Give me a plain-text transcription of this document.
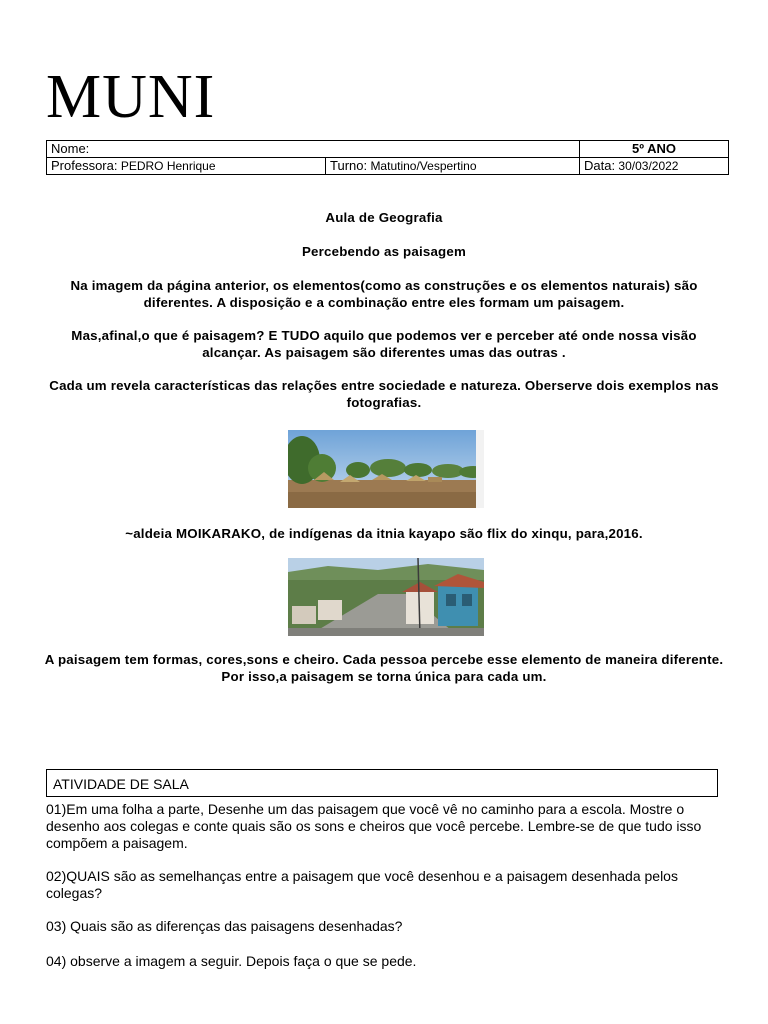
MUNI
Nome:		5º ANO
Professora: PEDRO Henrique	Turno: Matutino/Vespertino	Data: 30/03/2022
Aula de Geografia
Percebendo as paisagem
Na imagem da página anterior, os elementos(como as construções e os elementos naturais) são diferentes. A disposição e a combinação entre eles formam um paisagem.
Mas,afinal,o que é paisagem? E TUDO aquilo que podemos ver e perceber até onde nossa visão alcançar. As paisagem são diferentes umas das outras .
Cada um revela características das relações entre sociedade e natureza. Oberserve dois exemplos nas fotografias.
~aldeia MOIKARAKO, de indígenas da itnia kayapo são flix do xinqu, para,2016.
A paisagem tem formas, cores,sons e cheiro. Cada pessoa percebe esse elemento de maneira diferente. Por isso,a paisagem se torna única para cada um.
ATIVIDADE DE SALA
01)Em uma folha a parte, Desenhe um das paisagem que você vê no caminho para a escola. Mostre o desenho aos colegas e conte quais são os sons e cheiros que você percebe. Lembre-se de que tudo isso compõem a paisagem.
02)QUAIS são as semelhanças entre a paisagem que você desenhou e a paisagem desenhada pelos colegas?
03) Quais são as diferenças das paisagens desenhadas?
04) observe a imagem a seguir. Depois faça o que se pede.
